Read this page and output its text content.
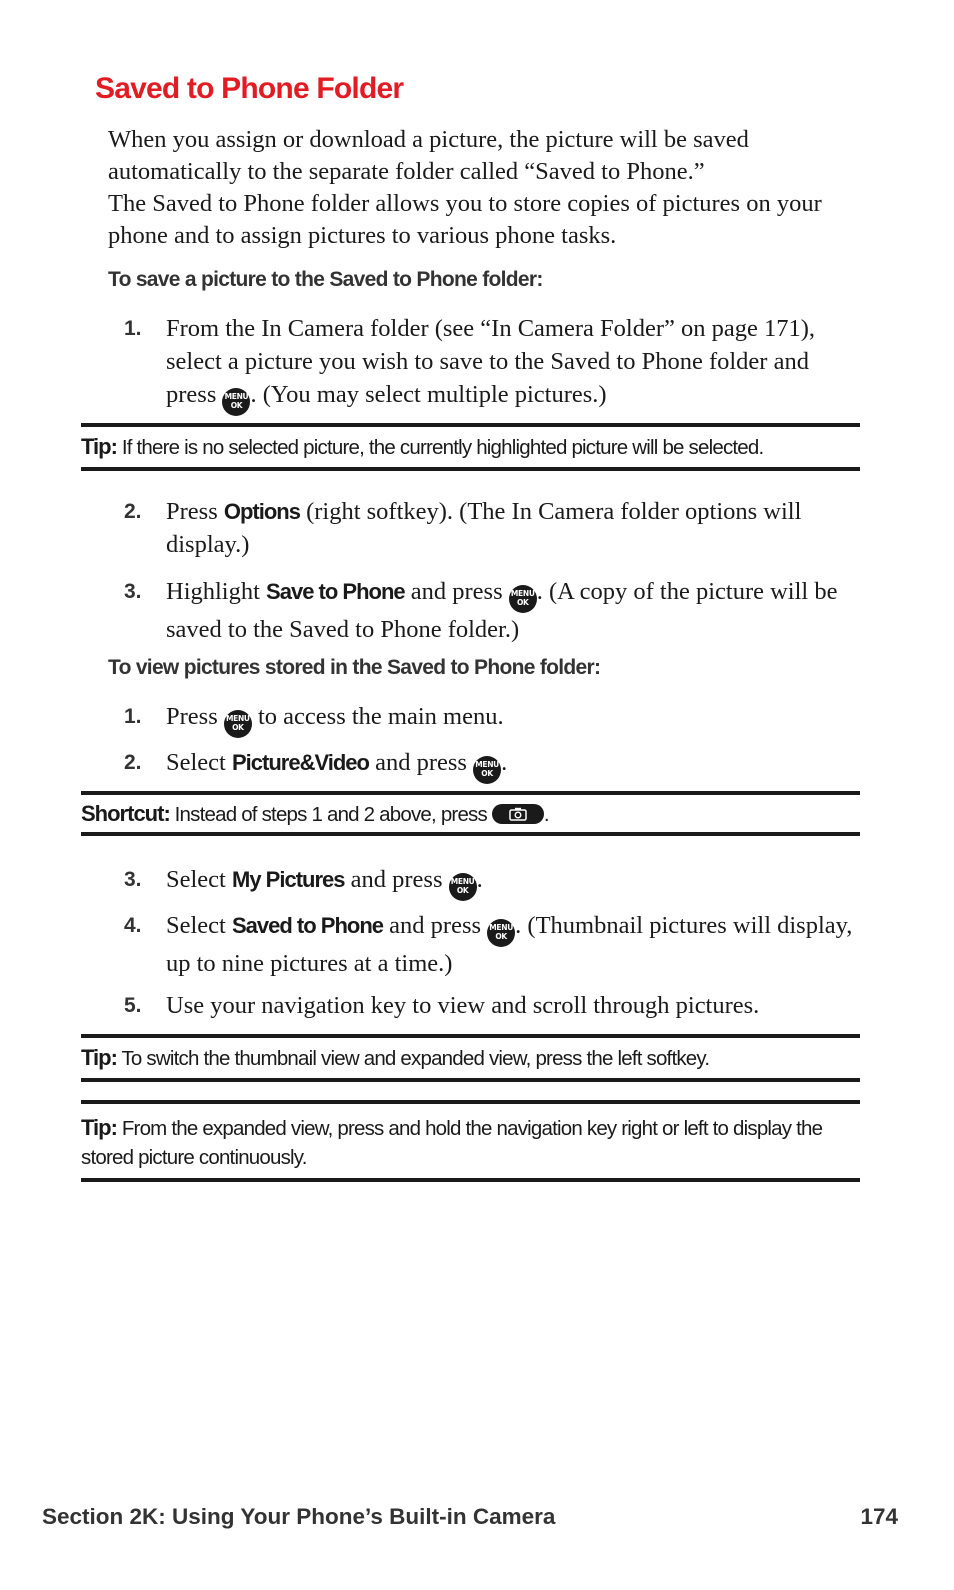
Saved to Phone Folder
When you assign or download a picture, the picture will be saved automatically to the separate folder called “Saved to Phone.”
The Saved to Phone folder allows you to store copies of pictures on your phone and to assign pictures to various phone tasks.
To save a picture to the Saved to Phone folder:
1. From the In Camera folder (see “In Camera Folder” on page 171), select a picture you wish to save to the Saved to Phone folder and press MENU
OK . (You may select multiple pictures.)
Tip: If there is no selected picture, the currently highlighted picture will be selected.
2. Press Options (right softkey). (The In Camera folder options will display.)
3. Highlight Save to Phone and press MENU
OK . (A copy of the picture will be saved to the Saved to Phone folder.)
To view pictures stored in the Saved to Phone folder:
1. Press MENU
OK to access the main menu.
2. Select Picture&Video and press MENU
OK .
Shortcut: Instead of steps 1 and 2 above, press	.
3. Select My Pictures and press MENU
OK .
4. Select Saved to Phone and press MENU
OK . (Thumbnail pictures will display, up to nine pictures at a time.)
5. Use your navigation key to view and scroll through pictures.
Tip: To switch the thumbnail view and expanded view, press the left softkey.
Tip: From the expanded view, press and hold the navigation key right or left to display the stored picture continuously.
Section 2K: Using Your Phone’s Built-in Camera	174
